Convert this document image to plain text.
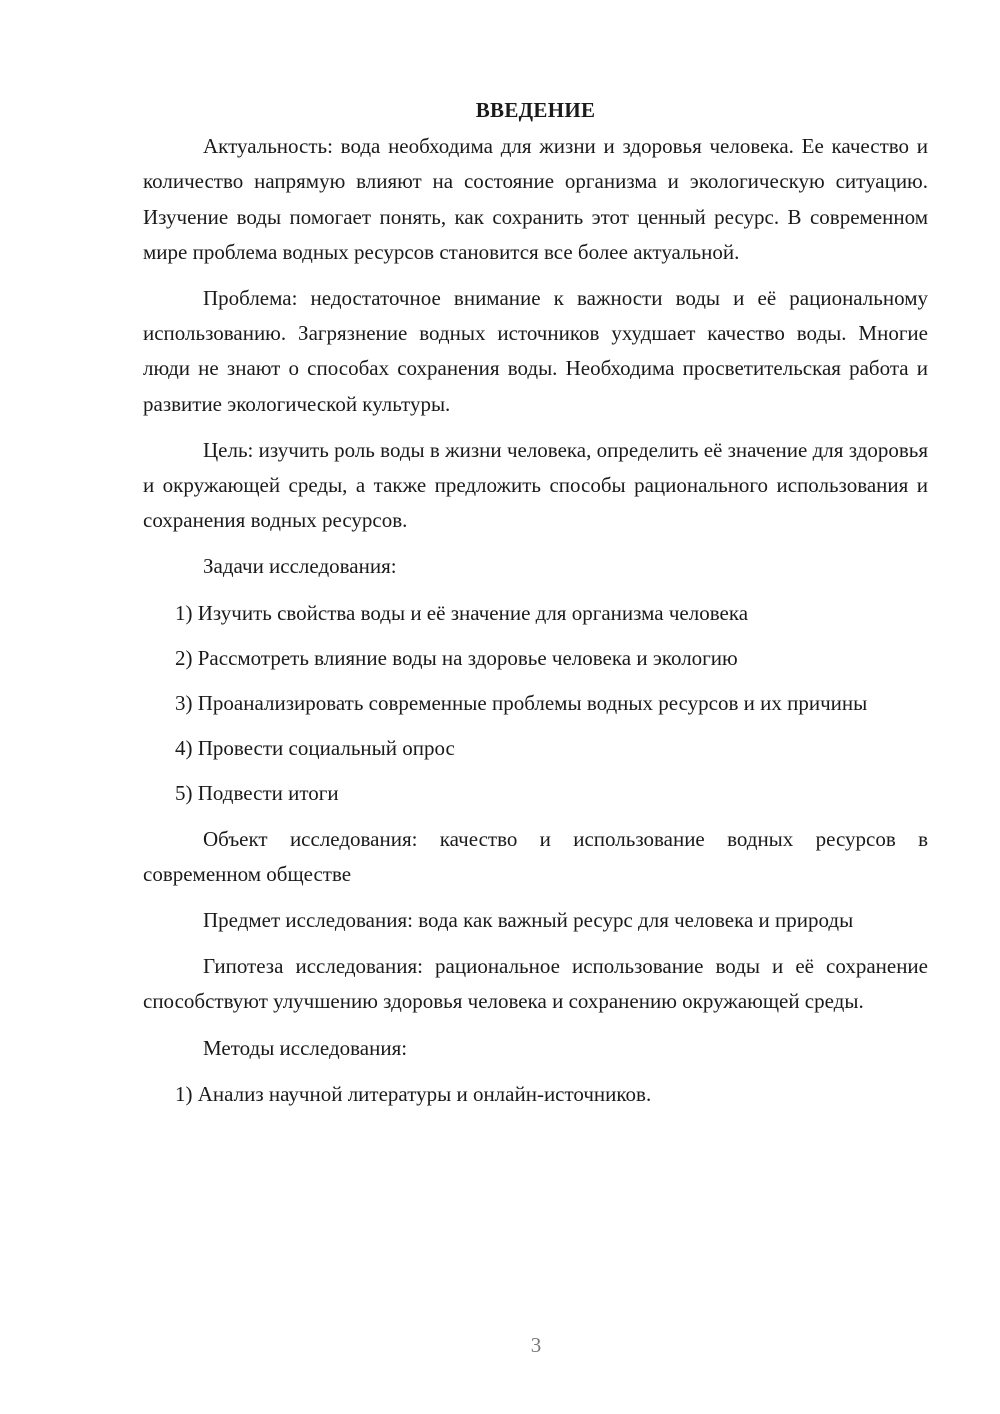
ВВЕДЕНИЕ

Актуальность: вода необходима для жизни и здоровья человека. Ее качество и количество напрямую влияют на состояние организма и экологическую ситуацию. Изучение воды помогает понять, как сохранить этот ценный ресурс. В современном мире проблема водных ресурсов становится все более актуальной.

Проблема: недостаточное внимание к важности воды и её рациональному использованию. Загрязнение водных источников ухудшает качество воды. Многие люди не знают о способах сохранения воды. Необходима просветительская работа и развитие экологической культуры.

Цель: изучить роль воды в жизни человека, определить её значение для здоровья и окружающей среды, а также предложить способы рационального использования и сохранения водных ресурсов.

Задачи исследования:

1) Изучить свойства воды и её значение для организма человека

2) Рассмотреть влияние воды на здоровье человека и экологию

3) Проанализировать современные проблемы водных ресурсов и их причины

4) Провести социальный опрос

5) Подвести итоги

Объект исследования: качество и использование водных ресурсов в современном обществе

Предмет исследования: вода как важный ресурс для человека и природы

Гипотеза исследования: рациональное использование воды и её сохранение способствуют улучшению здоровья человека и сохранению окружающей среды.

Методы исследования:

1) Анализ научной литературы и онлайн-источников.

3
